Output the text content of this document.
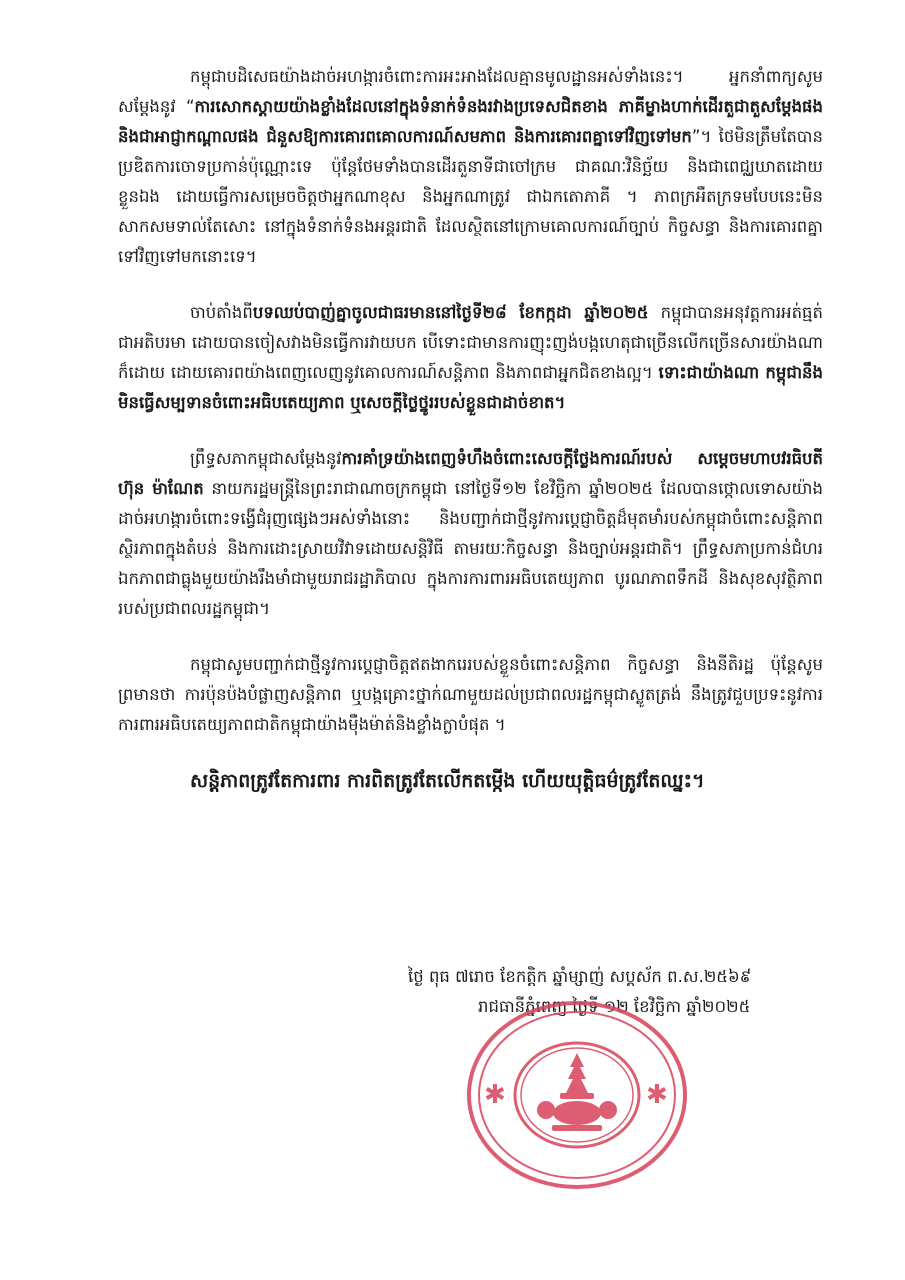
កម្ពុជាបដិសេធយ៉ាងដាច់អហង្ការចំពោះការអះអាងដែលគ្មានមូលដ្ឋានអស់ទាំងនេះ។ អ្នកនាំពាក្យសូមសម្តែងនូវ “ការសោកស្តាយយ៉ាងខ្លាំងដែលនៅក្នុងទំនាក់ទំនងរវាងប្រទេសជិតខាង ភាគីម្ខាងហាក់ដើរតួជាតួសម្តែងផង និងជាអាជ្ញាកណ្តាលផង ជំនួសឱ្យការគោរពគោលការណ៍សមភាព និងការគោរពគ្នាទៅវិញទៅមក”។ ថៃមិនត្រឹមតែបានប្រឌិតការចោទប្រកាន់ប៉ុណ្ណោះទេ ប៉ុន្តែថែមទាំងបានដើរតួនាទីជាចៅក្រម ជាគណៈវិនិច្ឆ័យ និងជាពេជ្ឈឃាតដោយខ្លួនឯង ដោយធ្វើការសម្រេចចិត្តថាអ្នកណាខុស និងអ្នកណាត្រូវ ជាឯកតោភាគី ។ ភាពក្រអឺតក្រទមបែបនេះមិនសាកសមទាល់តែសោះ នៅក្នុងទំនាក់ទំនងអន្តរជាតិ ដែលស្ថិតនៅក្រោមគោលការណ៍ច្បាប់ កិច្ចសន្ធា និងការគោរពគ្នាទៅវិញទៅមកនោះទេ។

ចាប់តាំងពីបទឈប់បាញ់គ្នាចូលជាធរមាននៅថ្ងៃទី២៨ ខែកក្កដា ឆ្នាំ២០២៥ កម្ពុជាបានអនុវត្តការអត់ធ្មត់ជាអតិបរមា ដោយបានចៀសវាងមិនធ្វើការវាយបក បើទោះជាមានការញុះញង់បង្កហេតុជាច្រើនលើកច្រើនសារយ៉ាងណាក៏ដោយ ដោយគោរពយ៉ាងពេញលេញនូវគោលការណ៍សន្តិភាព និងភាពជាអ្នកជិតខាងល្អ។ ទោះជាយ៉ាងណា កម្ពុជានឹងមិនធ្វើសម្បទានចំពោះអធិបតេយ្យភាព ឬសេចក្តីថ្លៃថ្នូររបស់ខ្លួនជាដាច់ខាត។

ព្រឹទ្ធសភាកម្ពុជាសម្តែងនូវការគាំទ្រយ៉ាងពេញទំហឹងចំពោះសេចក្តីថ្លែងការណ៍របស់ សម្តេចមហាបវរធិបតី ហ៊ុន ម៉ាណែត នាយករដ្ឋមន្ត្រីនៃព្រះរាជាណាចក្រកម្ពុជា នៅថ្ងៃទី១២ ខែវិច្ឆិកា ឆ្នាំ២០២៥ ដែលបានថ្កោលទោសយ៉ាងដាច់អហង្ការចំពោះទង្វើជំរុញផ្សេងៗអស់ទាំងនោះ និងបញ្ជាក់ជាថ្មីនូវការប្តេជ្ញាចិត្តដ៏មុតមាំរបស់កម្ពុជាចំពោះសន្តិភាព ស្ថិរភាពក្នុងតំបន់ និងការដោះស្រាយវិវាទដោយសន្តិវិធី តាមរយៈកិច្ចសន្ធា និងច្បាប់អន្តរជាតិ។ ព្រឹទ្ធសភាប្រកាន់ជំហរឯកភាពជាធ្លុងមួយយ៉ាងរឹងមាំជាមួយរាជរដ្ឋាភិបាល ក្នុងការការពារអធិបតេយ្យភាព បូរណភាពទឹកដី និងសុខសុវត្ថិភាពរបស់ប្រជាពលរដ្ឋកម្ពុជា។

កម្ពុជាសូមបញ្ជាក់ជាថ្មីនូវការប្តេជ្ញាចិត្តឥតងាករេរបស់ខ្លួនចំពោះសន្តិភាព កិច្ចសន្ធា និងនីតិរដ្ឋ ប៉ុន្តែសូមព្រមានថា ការប៉ុនប៉ងបំផ្លាញសន្តិភាព ឬបង្កគ្រោះថ្នាក់ណាមួយដល់ប្រជាពលរដ្ឋកម្ពុជាស្លូតត្រង់ នឹងត្រូវជួបប្រទះនូវការការពារអធិបតេយ្យភាពជាតិកម្ពុជាយ៉ាងម៉ឺងម៉ាត់និងខ្លាំងក្លាបំផុត ។

សន្តិភាពត្រូវតែការពារ ការពិតត្រូវតែលើកតម្កើង ហើយយុត្តិធម៌ត្រូវតែឈ្នះ។

ថ្ងៃ ពុធ ៧រោច ខែកត្តិក ឆ្នាំម្សាញ់ សប្តស័ក ព.ស.២៥៦៩
រាជធានីភ្នំពេញ ថ្ងៃទី ១២ ខែវិច្ឆិកា ឆ្នាំ២០២៥
✱	✱
